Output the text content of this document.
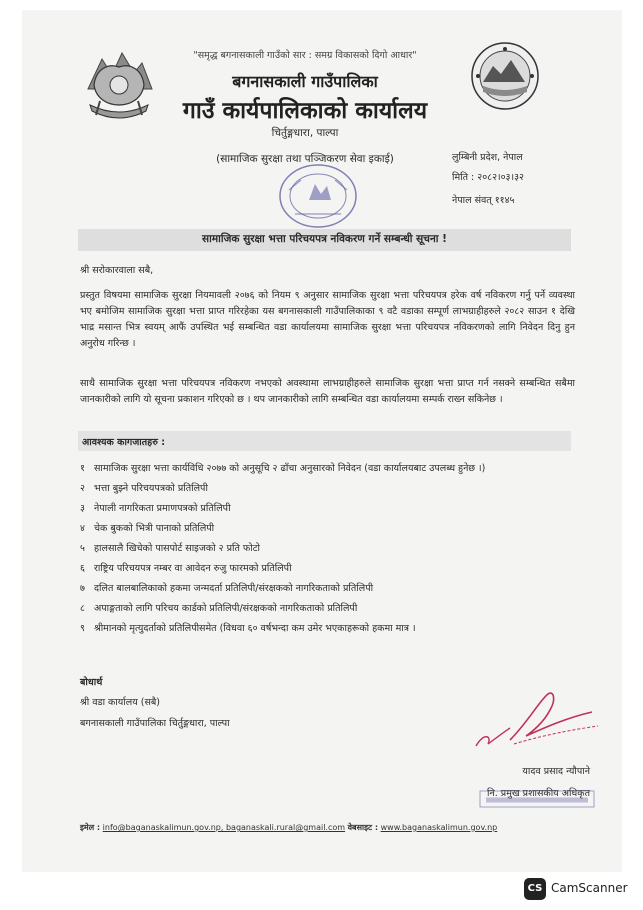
"समृद्ध बगनासकाली गाउँको सार : समग्र विकासको दिगो आधार"
बगनासकाली गाउँपालिका
गाउँ कार्यपालिकाको कार्यालय
चिर्तुङ्गधारा, पाल्पा
(सामाजिक सुरक्षा तथा पञ्जिकरण सेवा इकाई)	लुम्बिनी प्रदेश, नेपाल
मिति : २०८२।०३।३२
नेपाल संवत् ११४५
सामाजिक सुरक्षा भत्ता परिचयपत्र नविकरण गर्ने सम्बन्धी सूचना !
श्री सरोकारवाला सबै,
प्रस्तुत विषयमा सामाजिक सुरक्षा नियमावली २०७६ को नियम ९ अनुसार सामाजिक सुरक्षा भत्ता परिचयपत्र हरेक वर्ष नविकरण गर्नु पर्ने व्यवस्था भए बमोजिम सामाजिक सुरक्षा भत्ता प्राप्त गरिरहेका यस बगनासकाली गाउँपालिकाका ९ वटै वडाका सम्पूर्ण लाभग्राहीहरुले २०८२ साउन १ देखि भाद्र मसान्त भित्र स्वयम् आफैं उपस्थित भई सम्बन्धित वडा कार्यालयमा सामाजिक सुरक्षा भत्ता परिचयपत्र नविकरणको लागि निवेदन दिनु हुन अनुरोध गरिन्छ ।
साथै सामाजिक सुरक्षा भत्ता परिचयपत्र नविकरण नभएको अवस्थामा लाभग्राहीहरुले सामाजिक सुरक्षा भत्ता प्राप्त गर्न नसक्ने सम्बन्धित सबैमा जानकारीको लागि यो सूचना प्रकाशन गरिएको छ । थप जानकारीको लागि सम्बन्धित वडा कार्यालयमा सम्पर्क राख्न सकिनेछ ।
आवश्यक कागजातहरु :
१ सामाजिक सुरक्षा भत्ता कार्यविधि २०७७ को अनुसूचि २ ढाँचा अनुसारको निवेदन (वडा कार्यालयबाट उपलब्ध हुनेछ ।)
२ भत्ता बुझ्ने परिचयपत्रको प्रतिलिपी
३ नेपाली नागरिकता प्रमाणपत्रको प्रतिलिपी
४ चेक बुकको भित्री पानाको प्रतिलिपी
५ हालसालै खिचेको पासपोर्ट साइजको २ प्रति फोटो
६ राष्ट्रिय परिचयपत्र नम्बर वा आवेदन रुजु फारमको प्रतिलिपी
७ दलित बालबालिकाको हकमा जन्मदर्ता प्रतिलिपी/संरक्षकको नागरिकताको प्रतिलिपी
८ अपाङ्गताको लागि परिचय कार्डको प्रतिलिपी/संरक्षकको नागरिकताको प्रतिलिपी
९ श्रीमानको मृत्युदर्ताको प्रतिलिपीसमेत (विधवा ६० वर्षभन्दा कम उमेर भएकाहरूको हकमा मात्र ।
बोधार्थ
श्री वडा कार्यालय (सबै)
बगनासकाली गाउँपालिका चिर्तुङ्गधारा, पाल्पा
यादव प्रसाद न्यौपाने
नि. प्रमुख प्रशासकीय अधिकृत
इमेल : info@baganaskalimun.gov.np, baganaskali.rural@gmail.com वेबसाइट : www.baganaskalimun.gov.np
CS CamScanner
